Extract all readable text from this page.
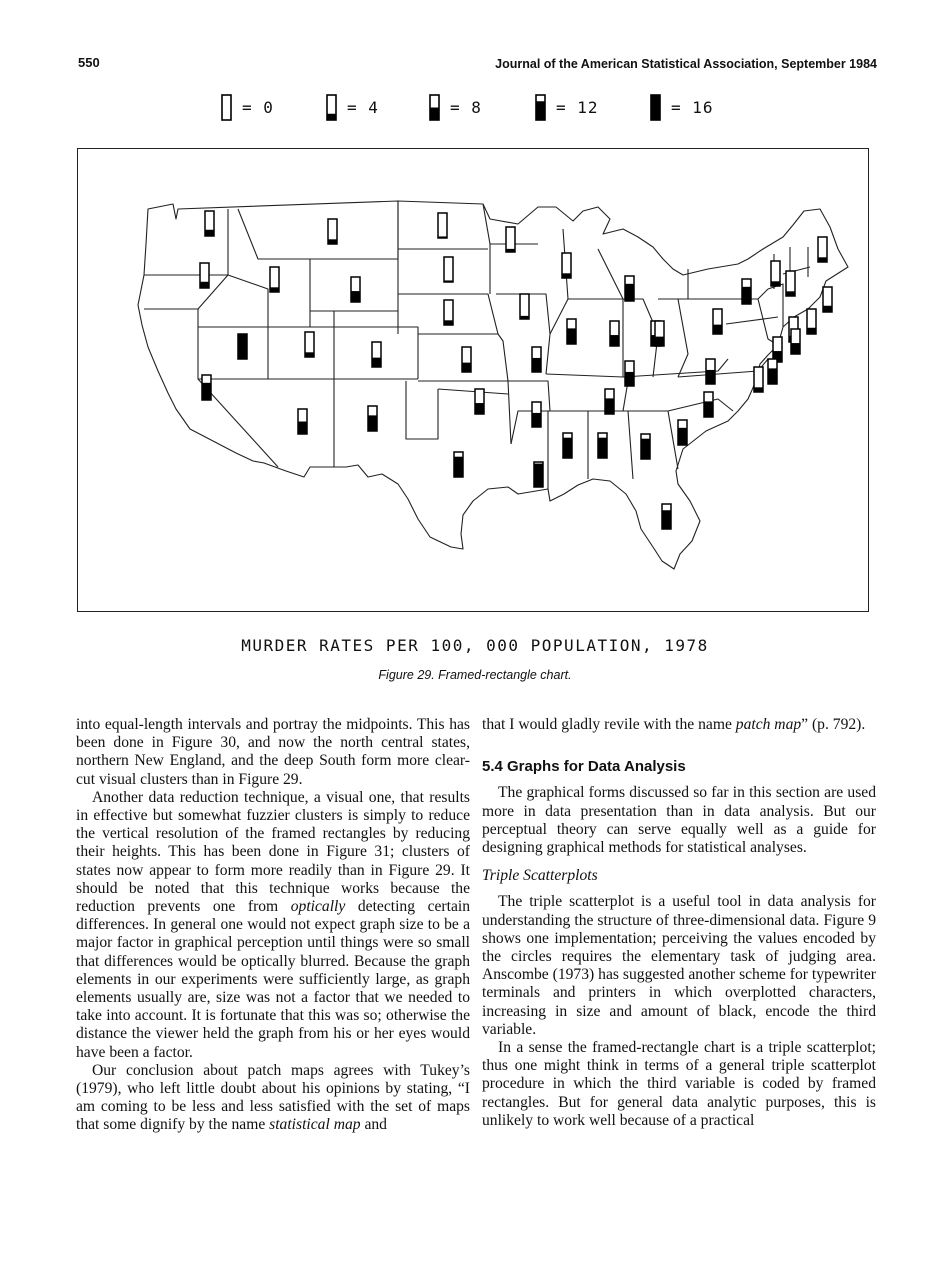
550	Journal of the American Statistical Association, September 1984
= 0	= 4	= 8	= 12	= 16
MURDER RATES PER 100, 000 POPULATION, 1978
Figure 29. Framed-rectangle chart.

into equal-length intervals and portray the midpoints. This has been done in Figure 30, and now the north central states, northern New England, and the deep South form more clear-cut visual clusters than in Figure 29.

Another data reduction technique, a visual one, that results in effective but somewhat fuzzier clusters is simply to reduce the vertical resolution of the framed rectangles by reducing their heights. This has been done in Figure 31; clusters of states now appear to form more readily than in Figure 29. It should be noted that this technique works because the reduction prevents one from optically detecting certain differences. In general one would not expect graph size to be a major factor in graphical perception until things were so small that differences would be optically blurred. Because the graph elements in our experiments were sufficiently large, as graph elements usually are, size was not a factor that we needed to take into account. It is fortunate that this was so; otherwise the distance the viewer held the graph from his or her eyes would have been a factor.

Our conclusion about patch maps agrees with Tukey’s (1979), who left little doubt about his opinions by stating, “I am coming to be less and less satisfied with the set of maps that some dignify by the name statistical map and

that I would gladly revile with the name patch map” (p. 792).

5.4 Graphs for Data Analysis

The graphical forms discussed so far in this section are used more in data presentation than in data analysis. But our perceptual theory can serve equally well as a guide for designing graphical methods for statistical analyses.

Triple Scatterplots

The triple scatterplot is a useful tool in data analysis for understanding the structure of three-dimensional data. Figure 9 shows one implementation; perceiving the values encoded by the circles requires the elementary task of judging area. Anscombe (1973) has suggested another scheme for typewriter terminals and printers in which overplotted characters, increasing in size and amount of black, encode the third variable.

In a sense the framed-rectangle chart is a triple scatterplot; thus one might think in terms of a general triple scatterplot procedure in which the third variable is coded by framed rectangles. But for general data analytic purposes, this is unlikely to work well because of a practical
